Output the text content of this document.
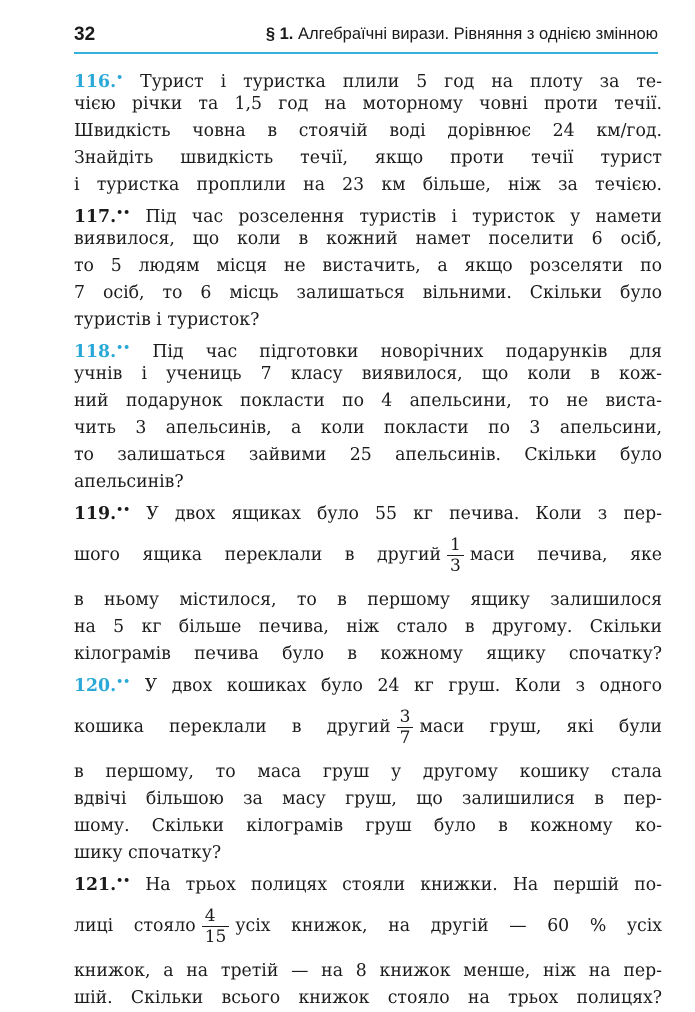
32	§ 1. Алгебраїчні вирази. Рівняння з однією змінною
116.• Турист і туристка плили 5 год на плоту за те-
чією річки та 1,5 год на моторному човні проти течії.
Швидкість човна в стоячій воді дорівнює 24 км/год.
Знайдіть швидкість течії, якщо проти течії турист
і туристка проплили на 23 км більше, ніж за течією.
117.•• Під час розселення туристів і туристок у намети
виявилося, що коли в кожний намет поселити 6 осіб,
то 5 людям місця не вистачить, а якщо розселяти по
7 осіб, то 6 місць залишаться вільними. Скільки було
туристів і туристок?
118.•• Під час підготовки новорічних подарунків для
учнів і учениць 7 класу виявилося, що коли в кож-
ний подарунок покласти по 4 апельсини, то не виста-
чить 3 апельсинів, а коли покласти по 3 апельсини,
то залишаться зайвими 25 апельсинів. Скільки було
апельсинів?
119.•• У двох ящиках було 55 кг печива. Коли з пер-
шого ящика переклали в другий $\frac{1}{3}$ маси печива, яке
в ньому містилося, то в першому ящику залишилося
на 5 кг більше печива, ніж стало в другому. Скільки
кілограмів печива було в кожному ящику спочатку?
120.•• У двох кошиках було 24 кг груш. Коли з одного
кошика переклали в другий $\frac{3}{7}$ маси груш, які були
в першому, то маса груш у другому кошику стала
вдвічі більшою за масу груш, що залишилися в пер-
шому. Скільки кілограмів груш було в кожному ко-
шику спочатку?
121.•• На трьох полицях стояли книжки. На першій по-
лиці стояло $\frac{4}{15}$ усіх книжок, на другій — 60 % усіх
книжок, а на третій — на 8 книжок менше, ніж на пер-
шій. Скільки всього книжок стояло на трьох полицях?
